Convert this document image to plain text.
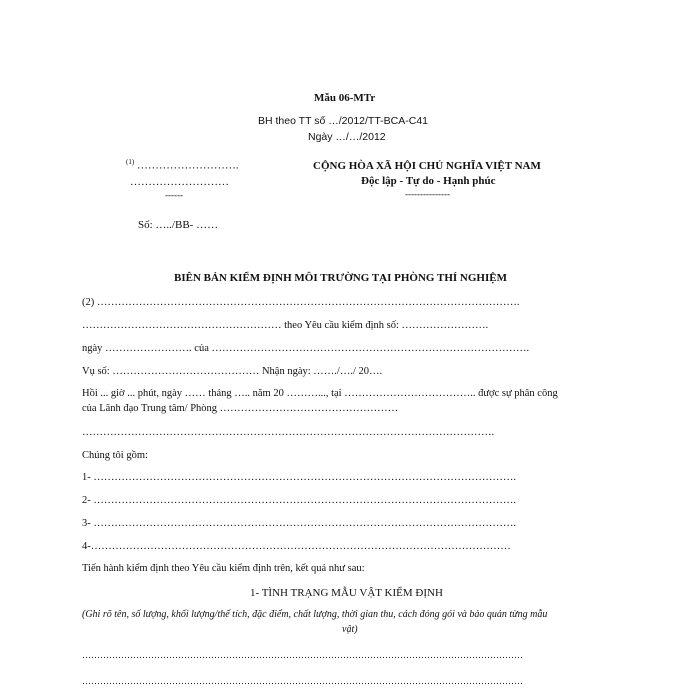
Mẫu 06-MTr
BH theo TT số …/2012/TT-BCA-C41
Ngày …/…/2012
$^{(1)}$ ……………………….
………………………
------
Số: …../BB- ……
CỘNG HÒA XÃ HỘI CHỦ NGHĨA VIỆT NAM
Độc lập - Tự do - Hạnh phúc
---------------
BIÊN BẢN KIỂM ĐỊNH MÔI TRƯỜNG TẠI PHÒNG THÍ NGHIỆM
(2) ………………………………………………………………………………………………………….
………………………………………………… theo Yêu cầu kiểm định số: …………………….
ngày ……………………. của ……………………………………………………………………………….
Vụ số: …………………………………… Nhận ngày: ……./…./ 20….
Hồi ... giờ ... phút, ngày …… tháng ….. năm 20 ………..., tại ……………………………….. được sự phân công
của Lãnh đạo Trung tâm/ Phòng ……………………………………………
……………………………………………………………………………………………………….
Chúng tôi gồm:
1- ………………………………………………………………………………………………………….
2- ………………………………………………………………………………………………………….
3- ………………………………………………………………………………………………………….
4-…………………………………………………………………………………………………………
Tiến hành kiểm định theo Yêu cầu kiểm định trên, kết quả như sau:
1- TÌNH TRẠNG MẪU VẬT KIỂM ĐỊNH
(Ghi rõ tên, số lượng, khối lượng/thể tích, đặc điểm, chất lượng, thời gian thu, cách đóng gói và bảo quản từng mẫu
vật)
…………………………………………………………………………………………………………………………………
…………………………………………………………………………………………………………………………………
